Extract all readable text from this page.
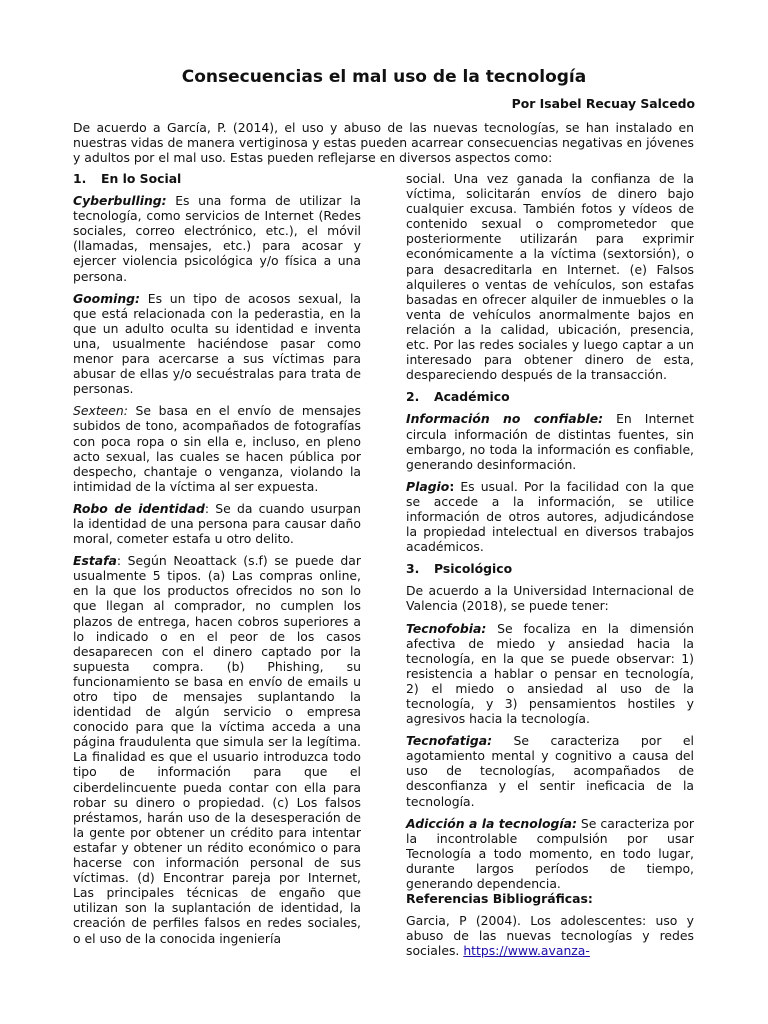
Consecuencias el mal uso de la tecnología
Por Isabel Recuay Salcedo

De acuerdo a García, P. (2014), el uso y abuso de las nuevas tecnologías, se han instalado en nuestras vidas de manera vertiginosa y estas pueden acarrear consecuencias negativas en jóvenes y adultos por el mal uso. Estas pueden reflejarse en diversos aspectos como:

1. En lo Social

Cyberbulling: Es una forma de utilizar la tecnología, como servicios de Internet (Redes sociales, correo electrónico, etc.), el móvil (llamadas, mensajes, etc.) para acosar y ejercer violencia psicológica y/o física a una persona.

Gooming: Es un tipo de acosos sexual, la que está relacionada con la pederastia, en la que un adulto oculta su identidad e inventa una, usualmente haciéndose pasar como menor para acercarse a sus víctimas para abusar de ellas y/o secuéstralas para trata de personas.

Sexteen: Se basa en el envío de mensajes subidos de tono, acompañados de fotografías con poca ropa o sin ella e, incluso, en pleno acto sexual, las cuales se hacen pública por despecho, chantaje o venganza, violando la intimidad de la víctima al ser expuesta.

Robo de identidad: Se da cuando usurpan la identidad de una persona para causar daño moral, cometer estafa u otro delito.

Estafa: Según Neoattack (s.f) se puede dar usualmente 5 tipos. (a) Las compras online, en la que los productos ofrecidos no son lo que llegan al comprador, no cumplen los plazos de entrega, hacen cobros superiores a lo indicado o en el peor de los casos desaparecen con el dinero captado por la supuesta compra. (b) Phishing, su funcionamiento se basa en envío de emails u otro tipo de mensajes suplantando la identidad de algún servicio o empresa conocido para que la víctima acceda a una página fraudulenta que simula ser la legítima. La finalidad es que el usuario introduzca todo tipo de información para que el ciberdelincuente pueda contar con ella para robar su dinero o propiedad. (c) Los falsos préstamos, harán uso de la desesperación de la gente por obtener un crédito para intentar estafar y obtener un rédito económico o para hacerse con información personal de sus víctimas. (d) Encontrar pareja por Internet, Las principales técnicas de engaño que utilizan son la suplantación de identidad, la creación de perfiles falsos en redes sociales, o el uso de la conocida ingeniería

social. Una vez ganada la confianza de la víctima, solicitarán envíos de dinero bajo cualquier excusa. También fotos y vídeos de contenido sexual o comprometedor que posteriormente utilizarán para exprimir económicamente a la víctima (sextorsión), o para desacreditarla en Internet. (e) Falsos alquileres o ventas de vehículos, son estafas basadas en ofrecer alquiler de inmuebles o la venta de vehículos anormalmente bajos en relación a la calidad, ubicación, presencia, etc. Por las redes sociales y luego captar a un interesado para obtener dinero de esta, despareciendo después de la transacción.

2. Académico

Información no confiable: En Internet circula información de distintas fuentes, sin embargo, no toda la información es confiable, generando desinformación.

Plagio: Es usual. Por la facilidad con la que se accede a la información, se utilice información de otros autores, adjudicándose la propiedad intelectual en diversos trabajos académicos.

3. Psicológico

De acuerdo a la Universidad Internacional de Valencia (2018), se puede tener:

Tecnofobia: Se focaliza en la dimensión afectiva de miedo y ansiedad hacia la tecnología, en la que se puede observar: 1) resistencia a hablar o pensar en tecnología, 2) el miedo o ansiedad al uso de la tecnología, y 3) pensamientos hostiles y agresivos hacia la tecnología.

Tecnofatiga: Se caracteriza por el agotamiento mental y cognitivo a causa del uso de tecnologías, acompañados de desconfianza y el sentir ineficacia de la tecnología.

Adicción a la tecnología: Se caracteriza por la incontrolable compulsión por usar Tecnología a todo momento, en todo lugar, durante largos períodos de tiempo, generando dependencia.

Referencias Bibliográficas:

Garcia, P (2004). Los adolescentes: uso y abuso de las nuevas tecnologías y redes sociales. https://www.avanza-
